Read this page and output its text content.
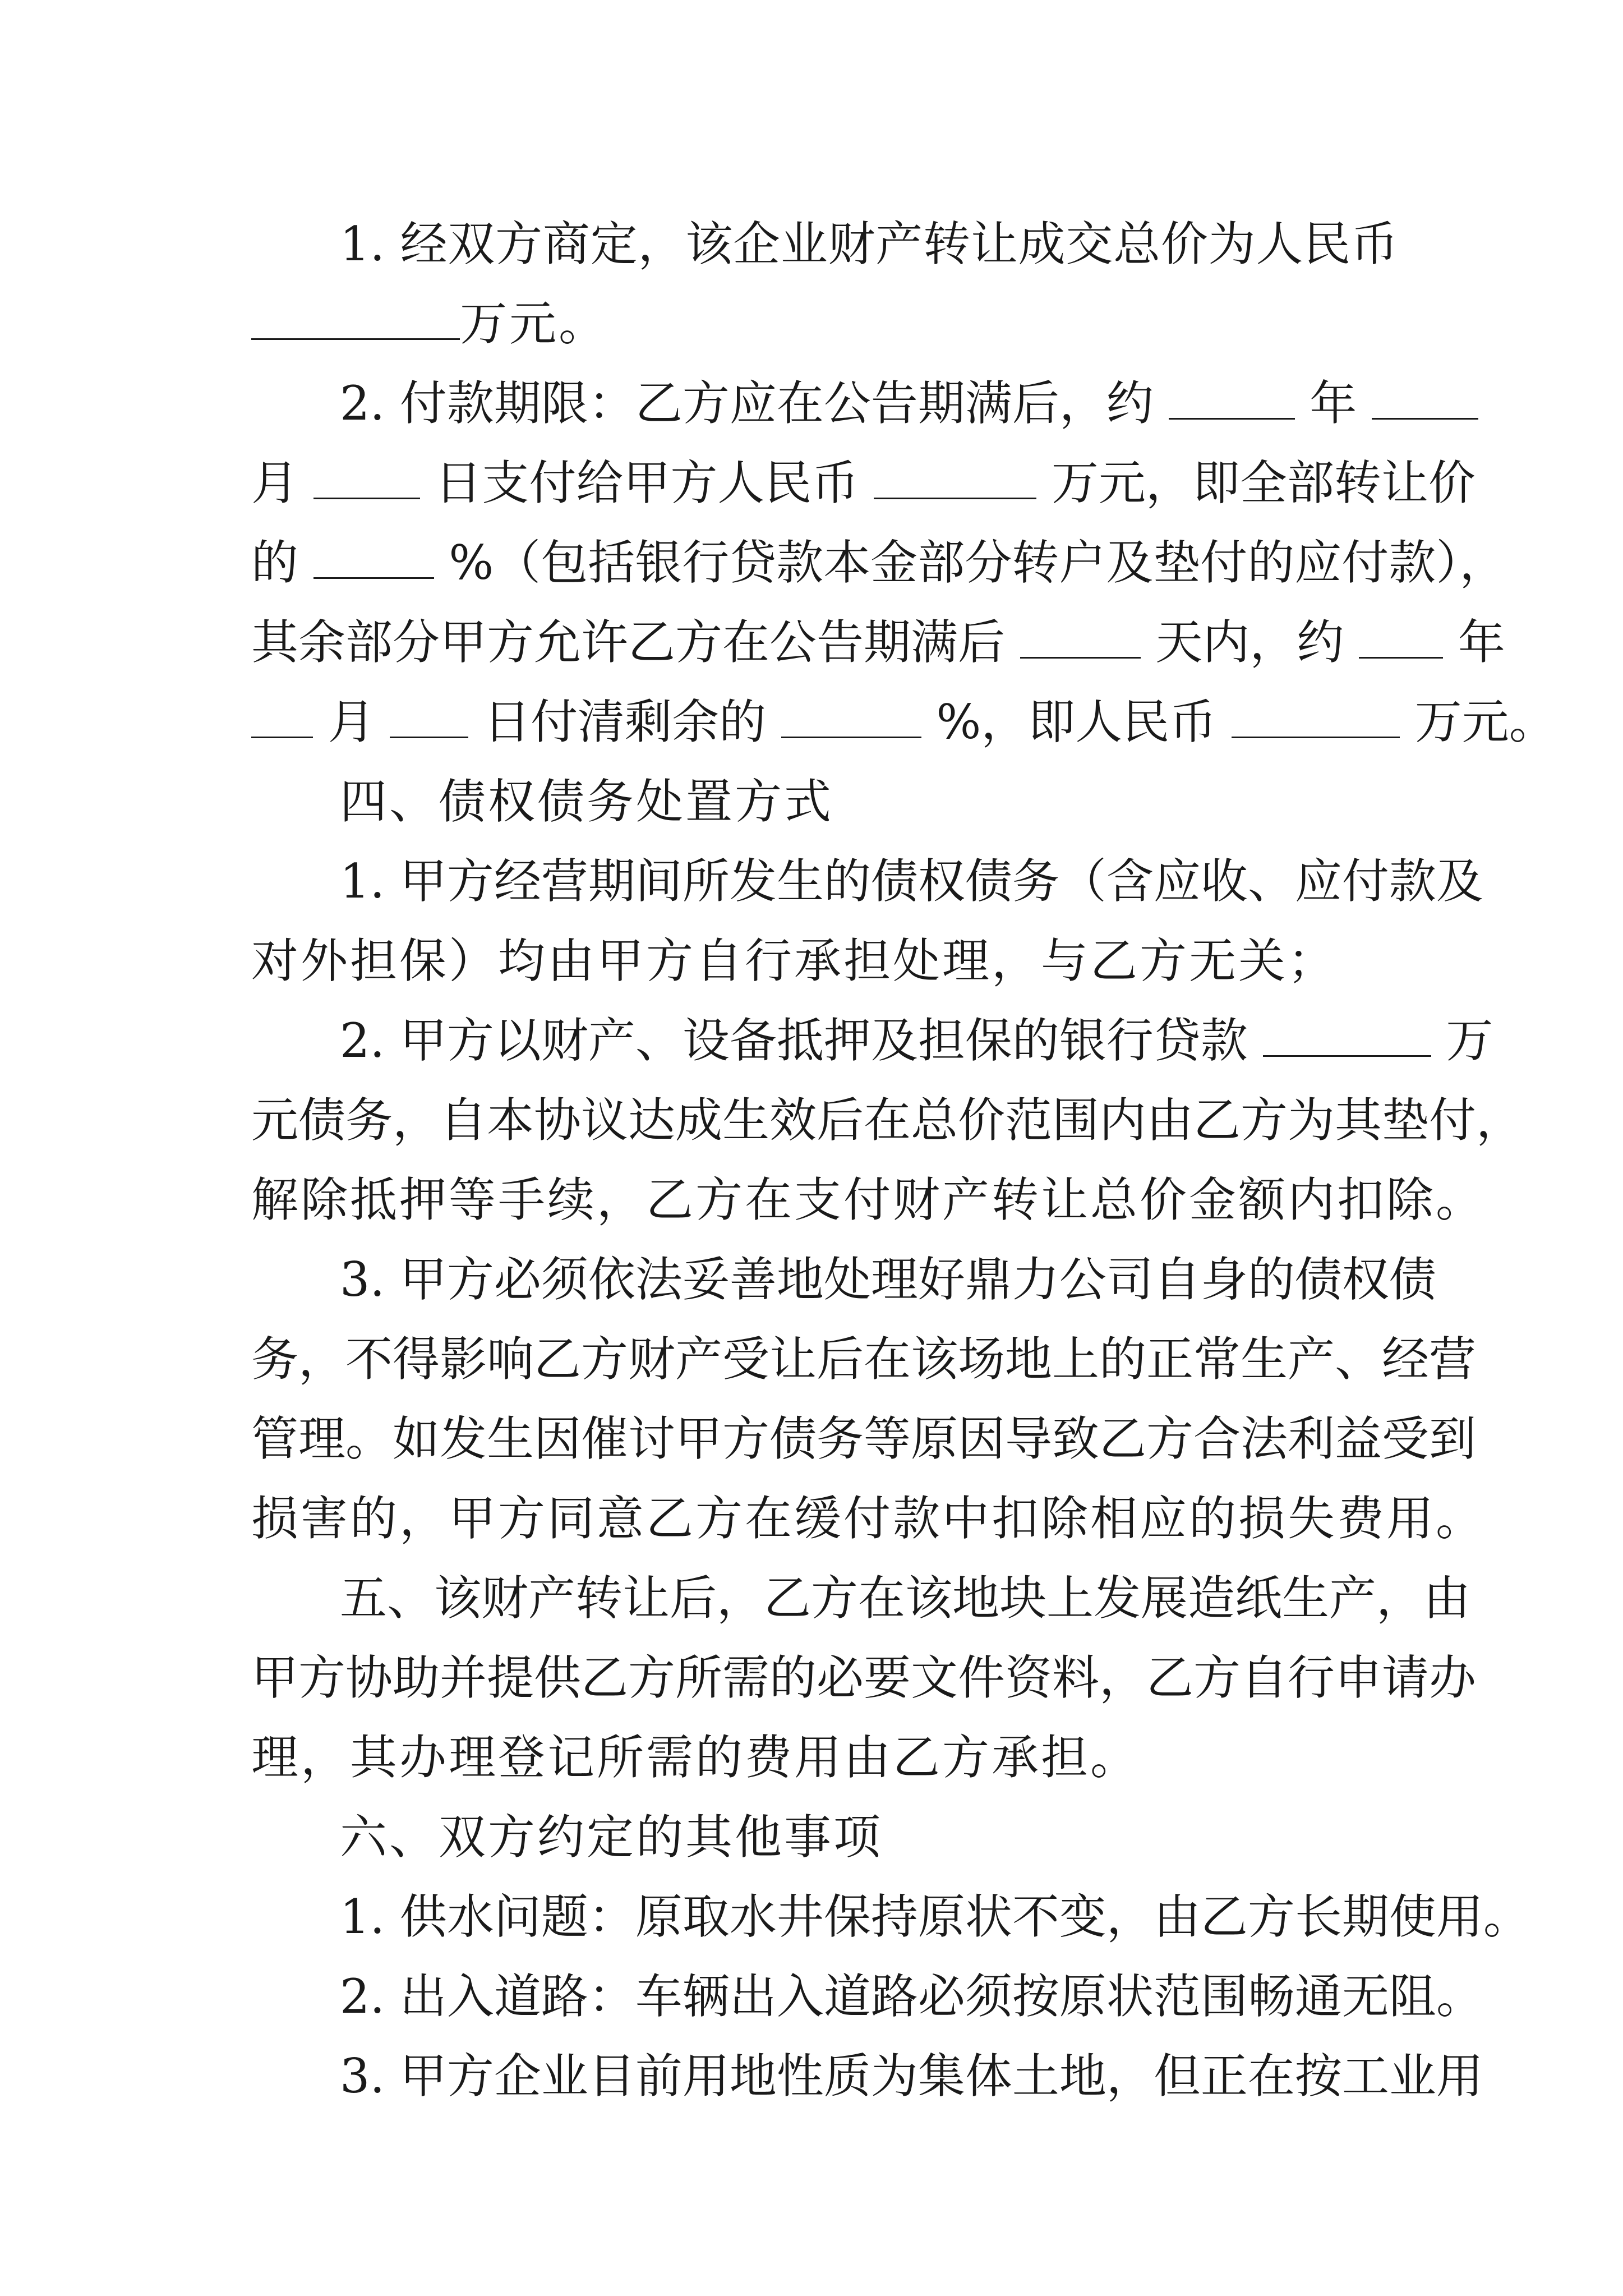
1. 经双方商定，该企业财产转让成交总价为人民币
万元。
2. 付款期限：乙方应在公告期满后，约	年
月	日支付给甲方人民币	万元，即全部转让价
的	%（包括银行贷款本金部分转户及垫付的应付款），
其余部分甲方允许乙方在公告期满后	天内，约 年
月 日付清剩余的	%，即人民币	万元。
四、债权债务处置方式
1. 甲方经营期间所发生的债权债务（含应收、应付款及
对外担保）均由甲方自行承担处理，与乙方无关；
2. 甲方以财产、设备抵押及担保的银行贷款	万
元债务，自本协议达成生效后在总价范围内由乙方为其垫付，
解除抵押等手续，乙方在支付财产转让总价金额内扣除。
3. 甲方必须依法妥善地处理好鼎力公司自身的债权债
务，不得影响乙方财产受让后在该场地上的正常生产、经营
管理。如发生因催讨甲方债务等原因导致乙方合法利益受到
损害的，甲方同意乙方在缓付款中扣除相应的损失费用。
五、该财产转让后，乙方在该地块上发展造纸生产，由
甲方协助并提供乙方所需的必要文件资料，乙方自行申请办
理，其办理登记所需的费用由乙方承担。
六、双方约定的其他事项
1. 供水问题：原取水井保持原状不变，由乙方长期使用。
2. 出入道路：车辆出入道路必须按原状范围畅通无阻。
3. 甲方企业目前用地性质为集体土地，但正在按工业用
